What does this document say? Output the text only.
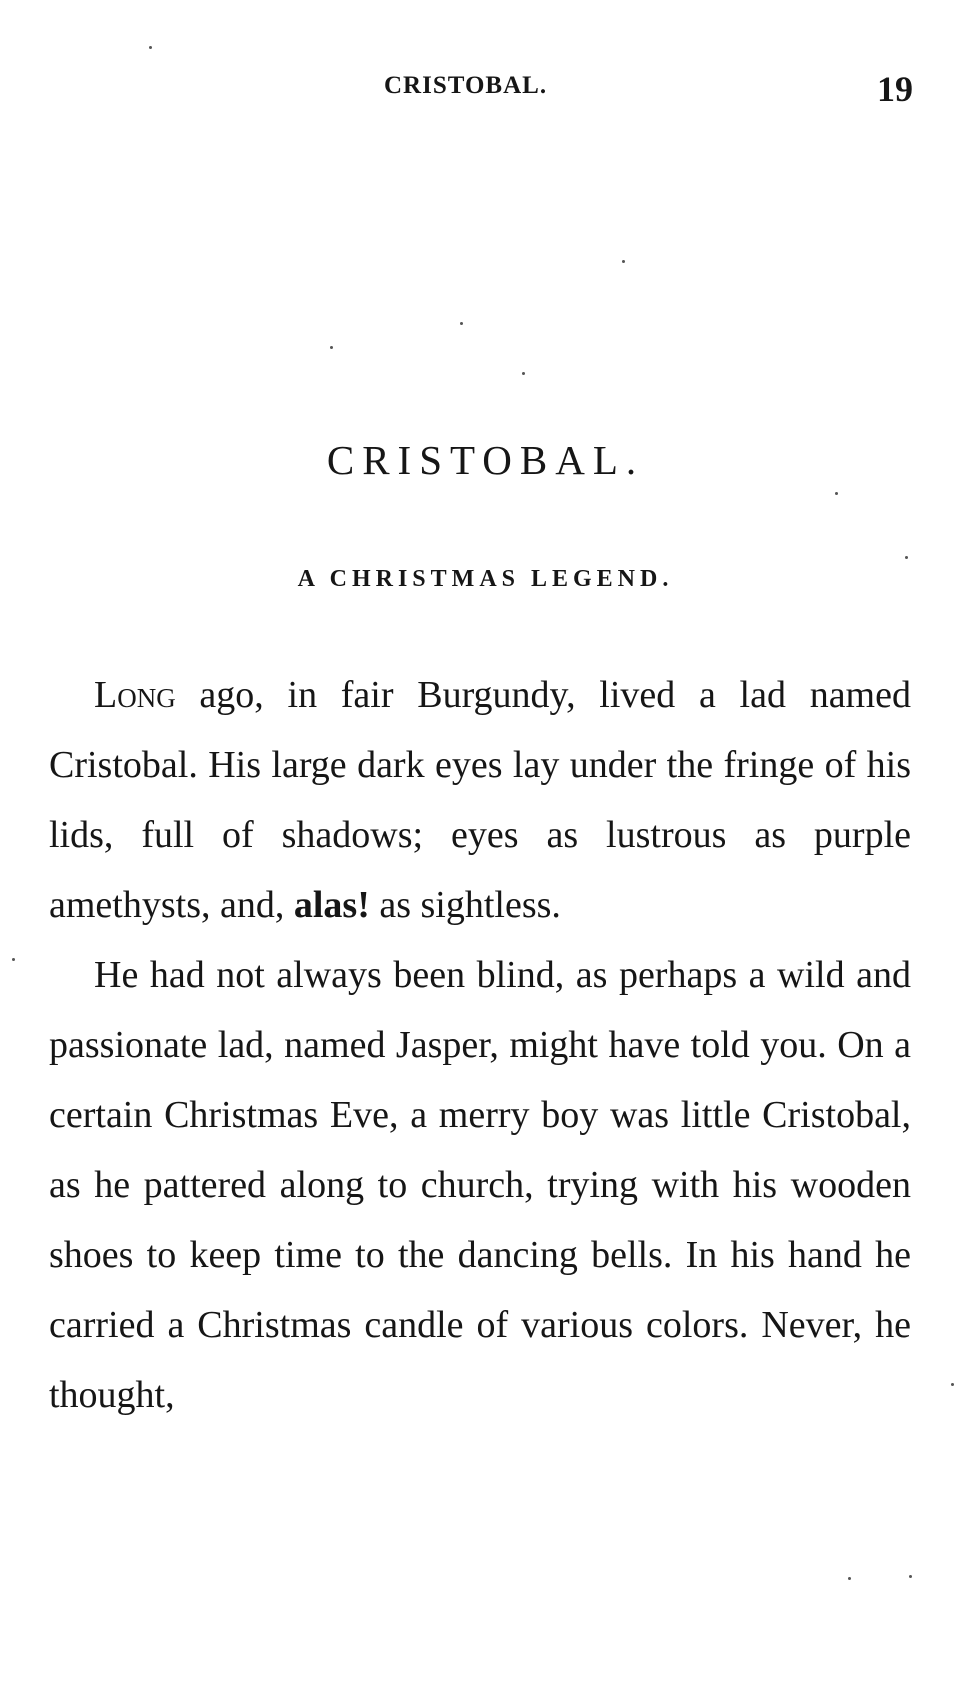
CRISTOBAL.	19
CRISTOBAL.
A CHRISTMAS LEGEND.

Long ago, in fair Burgundy, lived a lad named Cristobal. His large dark eyes lay under the fringe of his lids, full of shadows; eyes as lustrous as purple amethysts, and, alas! as sightless.

He had not always been blind, as perhaps a wild and passionate lad, named Jasper, might have told you. On a certain Christmas Eve, a merry boy was little Cristobal, as he pattered along to church, trying with his wooden shoes to keep time to the dancing bells. In his hand he carried a Christmas candle of various colors. Never, he thought,
